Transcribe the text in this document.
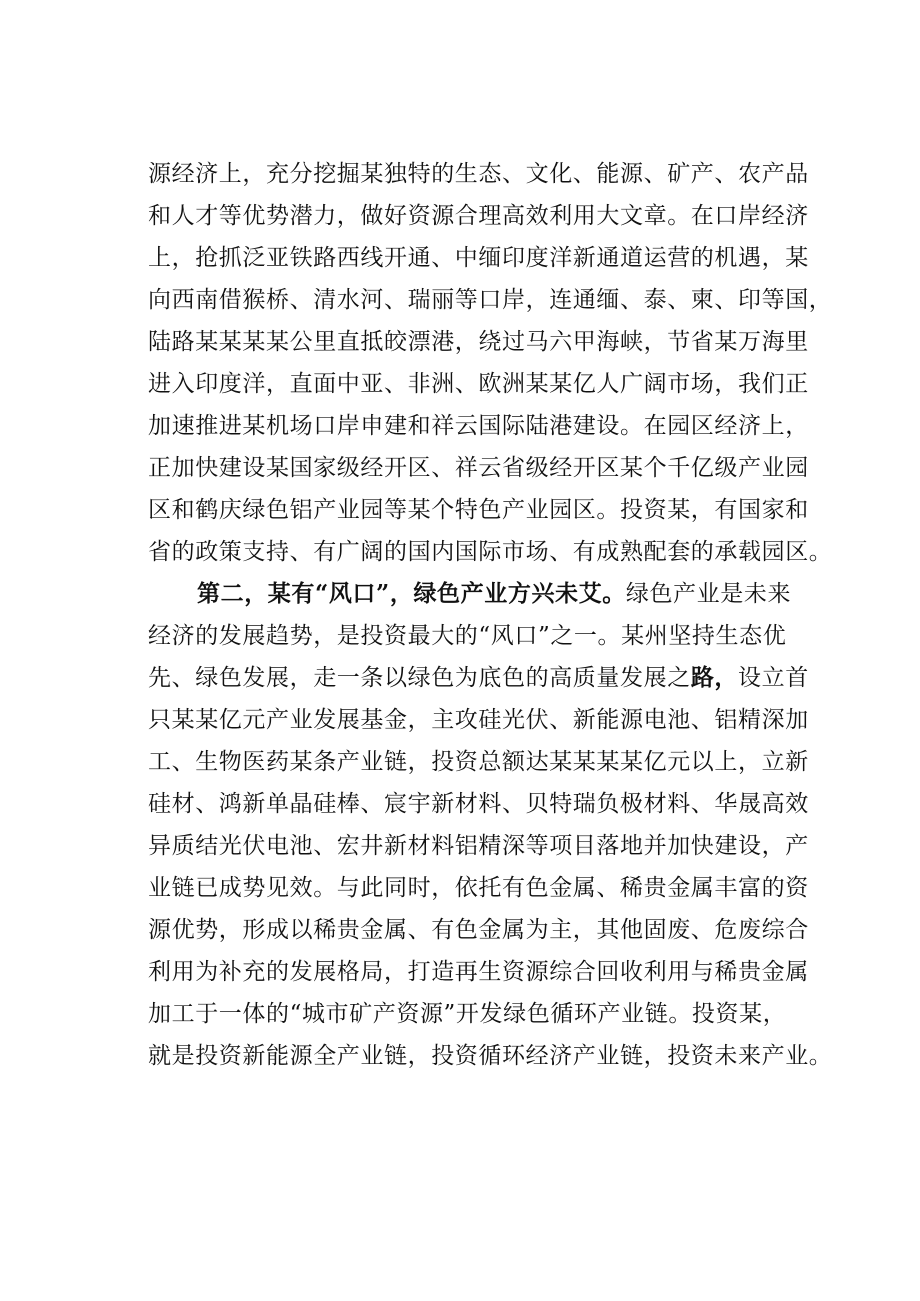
源经济上，充分挖掘某独特的生态、文化、能源、矿产、农产品
和人才等优势潜力，做好资源合理高效利用大文章。在口岸经济
上，抢抓泛亚铁路西线开通、中缅印度洋新通道运营的机遇，某
向西南借猴桥、清水河、瑞丽等口岸，连通缅、泰、柬、印等国，
陆路某某某某公里直抵皎漂港，绕过马六甲海峡，节省某万海里
进入印度洋，直面中亚、非洲、欧洲某某亿人广阔市场，我们正
加速推进某机场口岸申建和祥云国际陆港建设。在园区经济上，
正加快建设某国家级经开区、祥云省级经开区某个千亿级产业园
区和鹤庆绿色铝产业园等某个特色产业园区。投资某，有国家和
省的政策支持、有广阔的国内国际市场、有成熟配套的承载园区。
第二，某有“风口”，绿色产业方兴未艾。绿色产业是未来
经济的发展趋势，是投资最大的“风口”之一。某州坚持生态优
先、绿色发展，走一条以绿色为底色的高质量发展之路，设立首
只某某亿元产业发展基金，主攻硅光伏、新能源电池、铝精深加
工、生物医药某条产业链，投资总额达某某某某亿元以上，立新
硅材、鸿新单晶硅棒、宸宇新材料、贝特瑞负极材料、华晟高效
异质结光伏电池、宏井新材料铝精深等项目落地并加快建设，产
业链已成势见效。与此同时，依托有色金属、稀贵金属丰富的资
源优势，形成以稀贵金属、有色金属为主，其他固废、危废综合
利用为补充的发展格局，打造再生资源综合回收利用与稀贵金属
加工于一体的“城市矿产资源”开发绿色循环产业链。投资某，
就是投资新能源全产业链，投资循环经济产业链，投资未来产业。
